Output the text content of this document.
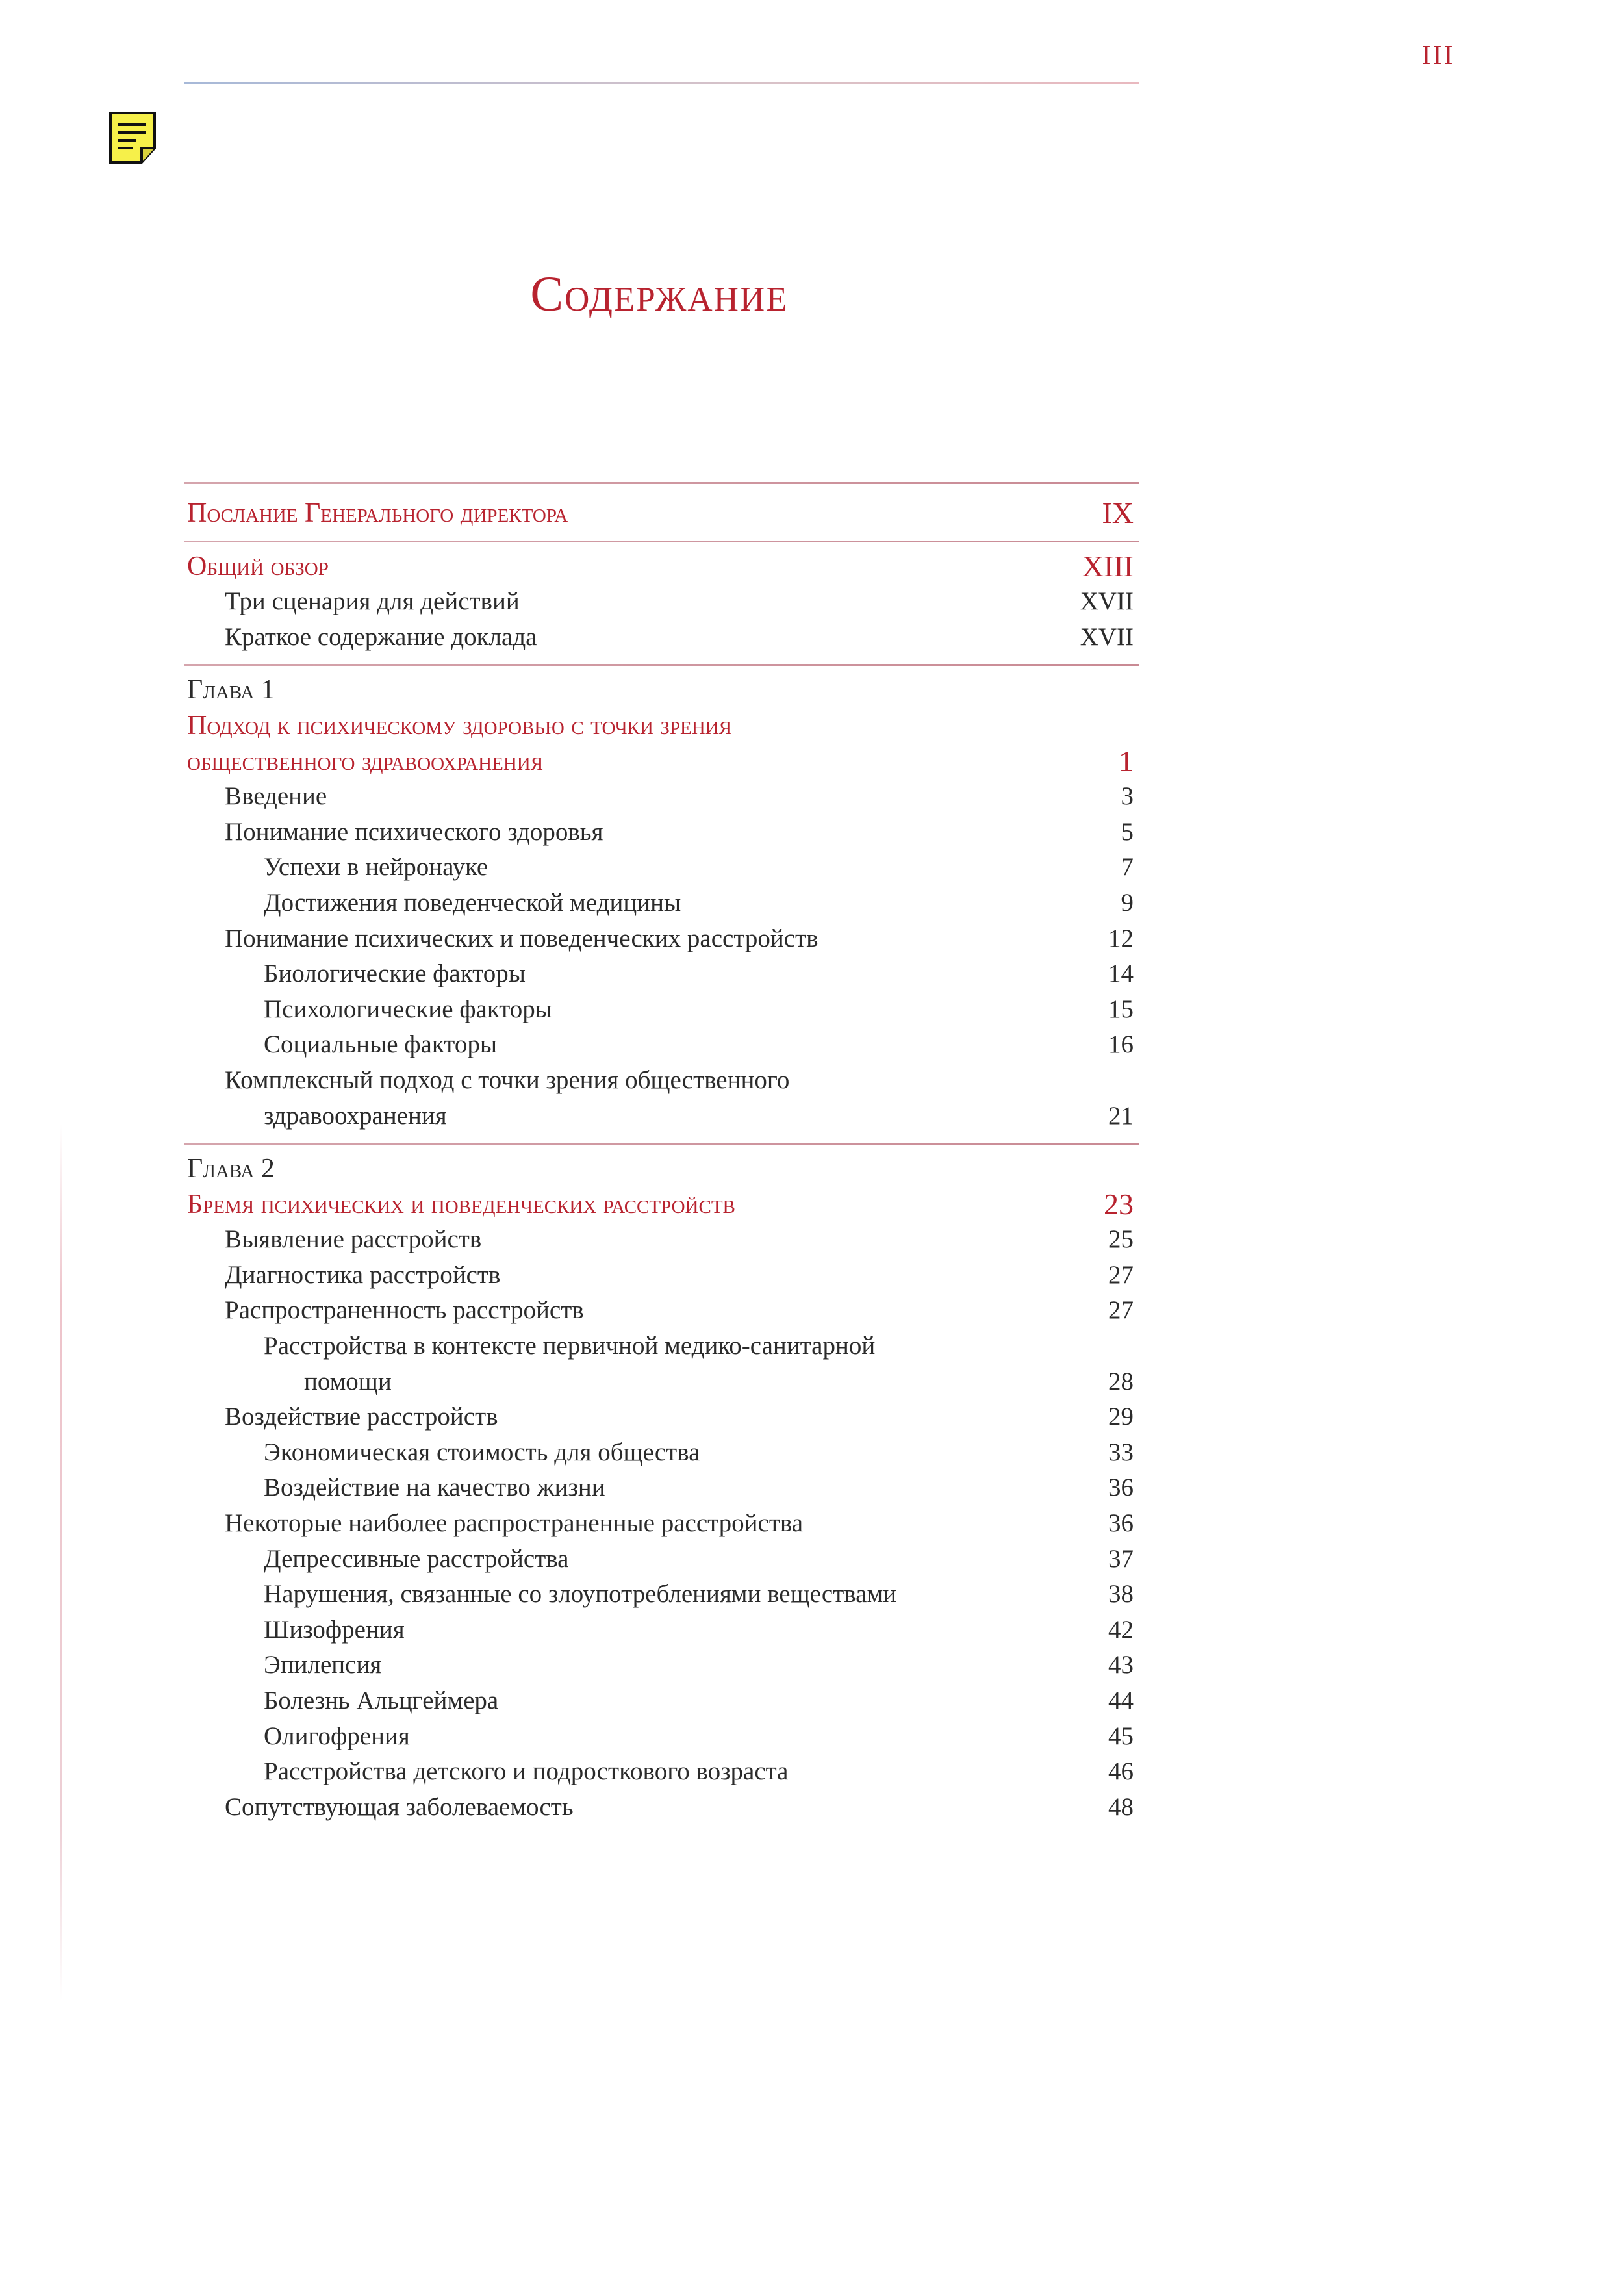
III
Содержание
Послание Генерального директора	IX
Общий обзор	XIII
Три сценария для действий	XVII
Краткое содержание доклада	XVII
Глава 1
Подход к психическому здоровью с точки зрения
общественного здравоохранения	1
Введение	3
Понимание психического здоровья	5
Успехи в нейронауке	7
Достижения поведенческой медицины	9
Понимание психических и поведенческих расстройств	12
Биологические факторы	14
Психологические факторы	15
Социальные факторы	16
Комплексный подход с точки зрения общественного
здравоохранения	21
Глава 2
Бремя психических и поведенческих расстройств	23
Выявление расстройств	25
Диагностика расстройств	27
Распространенность расстройств	27
Расстройства в контексте первичной медико-санитарной
помощи	28
Воздействие расстройств	29
Экономическая стоимость для общества	33
Воздействие на качество жизни	36
Некоторые наиболее распространенные расстройства	36
Депрессивные расстройства	37
Нарушения, связанные со злоупотреблениями веществами	38
Шизофрения	42
Эпилепсия	43
Болезнь Альцгеймера	44
Олигофрения	45
Расстройства детского и подросткового возраста	46
Сопутствующая заболеваемость	48
